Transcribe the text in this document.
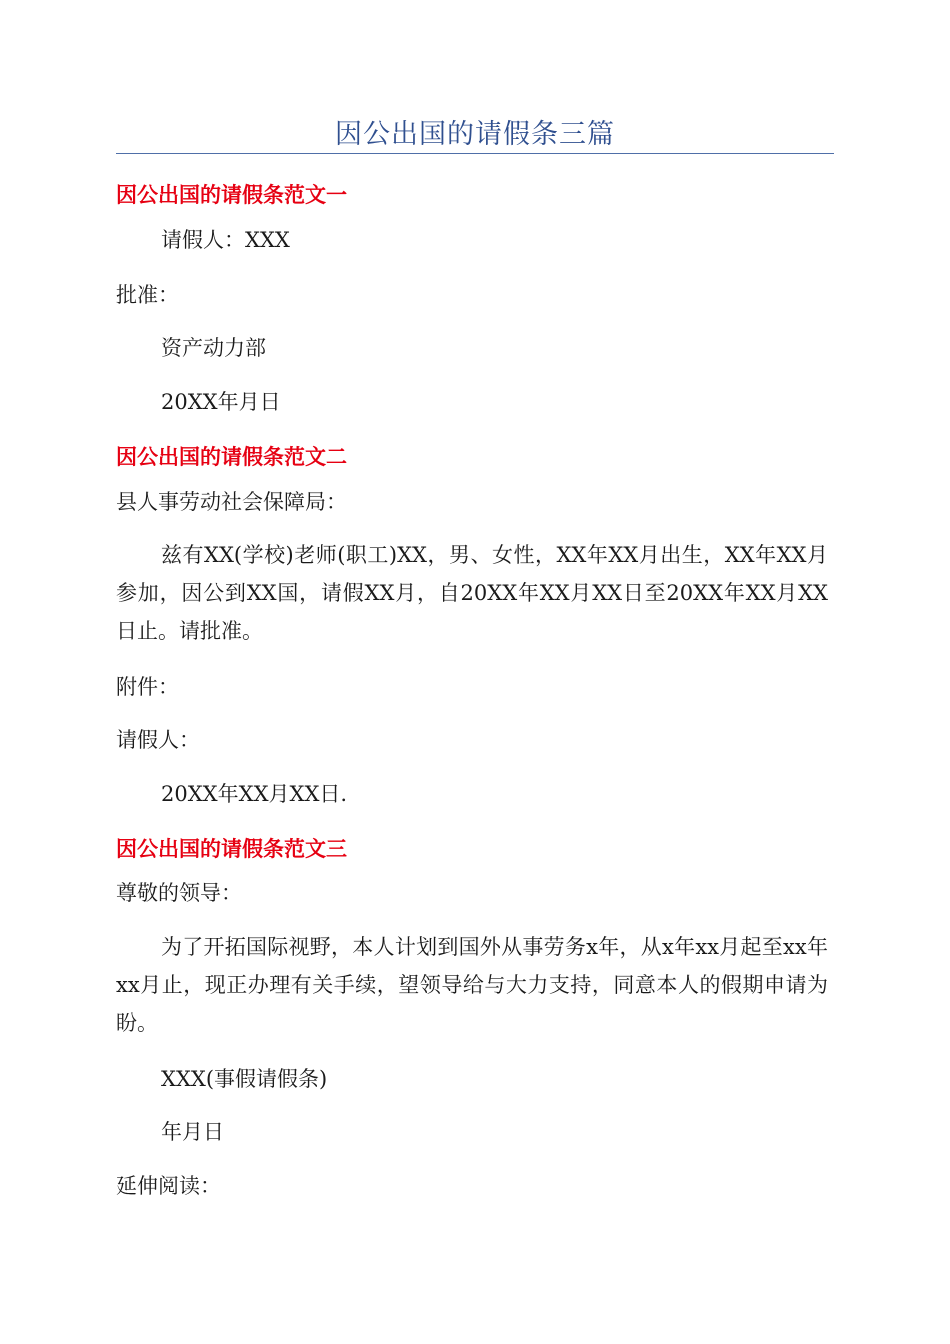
因公出国的请假条三篇
因公出国的请假条范文一
请假人：XXX
批准：
资产动力部
20XX年月日
因公出国的请假条范文二
县人事劳动社会保障局：
兹有XX(学校)老师(职工)XX，男、女性，XX年XX月出生，XX年XX月参加，因公到XX国，请假XX月，自20XX年XX月XX日至20XX年XX月XX日止。请批准。
附件：
请假人：
20XX年XX月XX日.
因公出国的请假条范文三
尊敬的领导：
为了开拓国际视野，本人计划到国外从事劳务x年，从x年xx月起至xx年xx月止，现正办理有关手续，望领导给与大力支持，同意本人的假期申请为盼。
XXX(事假请假条)
年月日
延伸阅读：
